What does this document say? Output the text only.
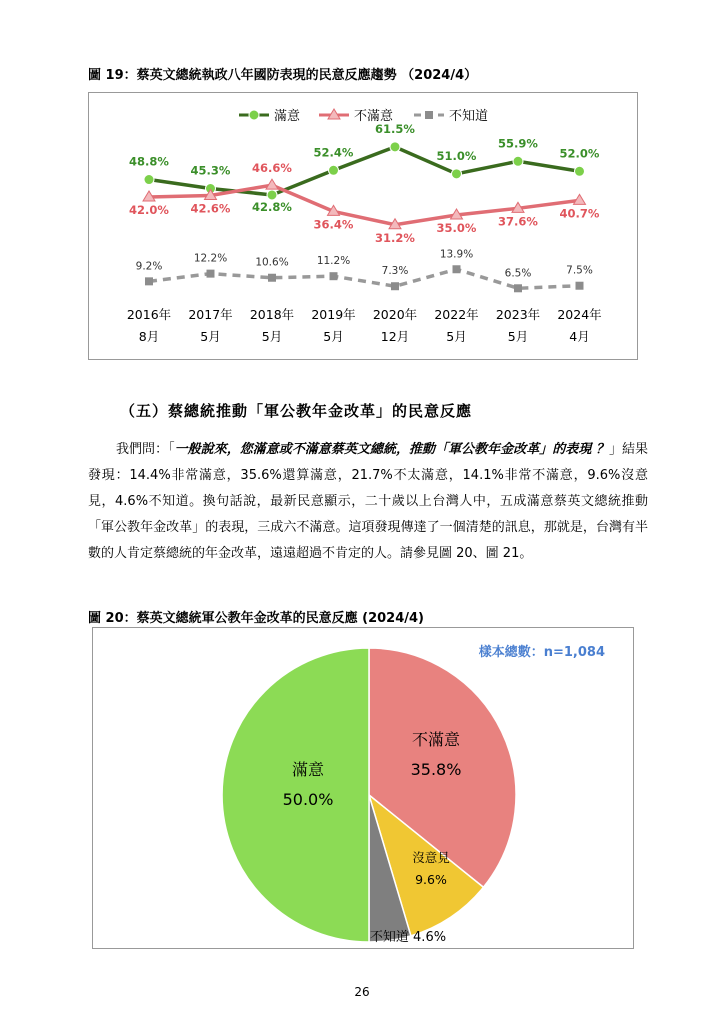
圖 19：蔡英文總統執政八年國防表現的民意反應趨勢 （2024/4）
滿意	不滿意	不知道
48.8%
45.3%
42.8%
52.4%
61.5%
51.0%
55.9%
52.0%
42.0% 42.6%
46.6%
36.4%
31.2%
35.0% 37.6%
40.7%
9.2%
12.2%	10.6%	11.2%
7.3%
13.9%
6.5%	7.5%
2016年
8月
2017年
5月
2018年
5月
2019年
5月
2020年
12月
2022年
5月
2023年
5月
2024年
4月
（五）蔡總統推動「軍公教年金改革」的民意反應

我們問：「一般說來，您滿意或不滿意蔡英文總統，推動「軍公教年金改革」的表現 ？」結果發現：14.4%非常滿意，35.6%還算滿意，21.7%不太滿意，14.1%非常不滿意，9.6%沒意見，4.6%不知道。換句話說，最新民意顯示，二十歲以上台灣人中，五成滿意蔡英文總統推動「軍公教年金改革」的表現，三成六不滿意。這項發現傳達了一個清楚的訊息，那就是，台灣有半數的人肯定蔡總統的年金改革，遠遠超過不肯定的人。請參見圖 20、圖 21。

圖 20：蔡英文總統軍公教年金改革的民意反應 (2024/4)
樣本總數：n=1,084
不滿意
35.8%
沒意見
9.6%
不知道 4.6%
滿意
50.0%
26
